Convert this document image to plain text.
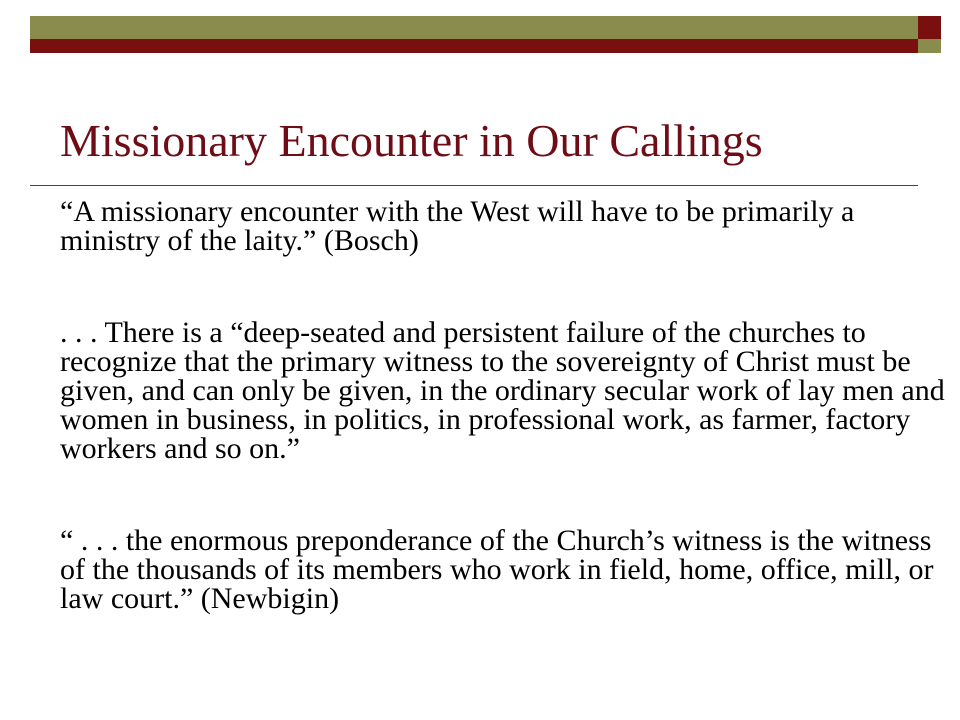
Missionary Encounter in Our Callings

“A missionary encounter with the West will have to be primarily a ministry of the laity.” (Bosch)

. . . There is a “deep-seated and persistent failure of the churches to recognize that the primary witness to the sovereignty of Christ must be given, and can only be given, in the ordinary secular work of lay men and women in business, in politics, in professional work, as farmer, factory workers and so on.”

“ . . . the enormous preponderance of the Church’s witness is the witness of the thousands of its members who work in field, home, office, mill, or law court.” (Newbigin)
